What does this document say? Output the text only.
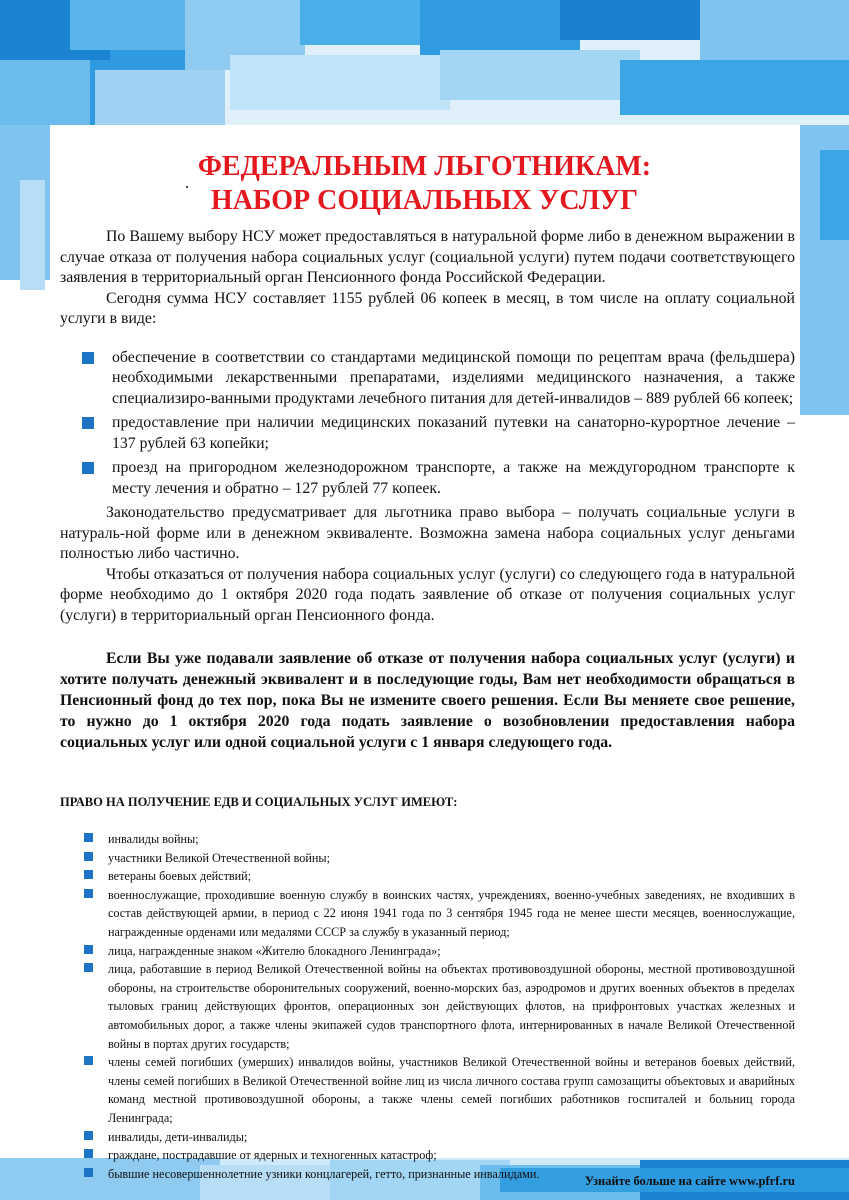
ФЕДЕРАЛЬНЫМ ЛЬГОТНИКАМ:
НАБОР СОЦИАЛЬНЫХ УСЛУГ

По Вашему выбору НСУ может предоставляться в натуральной форме либо в денежном выражении в случае отказа от получения набора социальных услуг (социальной услуги) путем подачи соответствующего заявления в территориальный орган Пенсионного фонда Российской Федерации.

Сегодня сумма НСУ составляет 1155 рублей 06 копеек в месяц, в том числе на оплату социальной услуги в виде:

обеспечение в соответствии со стандартами медицинской помощи по рецептам врача (фельдшера) необходимыми лекарственными препаратами, изделиями медицинского назначения, а также специализиро-ванными продуктами лечебного питания для детей-инвалидов – 889 рублей 66 копеек;
предоставление при наличии медицинских показаний путевки на санаторно-курортное лечение – 137 рублей 63 копейки;
проезд на пригородном железнодорожном транспорте, а также на междугородном транспорте к месту лечения и обратно – 127 рублей 77 копеек.

Законодательство предусматривает для льготника право выбора – получать социальные услуги в натураль-ной форме или в денежном эквиваленте. Возможна замена набора социальных услуг деньгами полностью либо частично.

Чтобы отказаться от получения набора социальных услуг (услуги) со следующего года в натуральной форме необходимо до 1 октября 2020 года подать заявление об отказе от получения социальных услуг (услуги) в территориальный орган Пенсионного фонда.

Если Вы уже подавали заявление об отказе от получения набора социальных услуг (услуги) и хотите получать денежный эквивалент и в последующие годы, Вам нет необходимости обращаться в Пенсионный фонд до тех пор, пока Вы не измените своего решения. Если Вы меняете свое решение, то нужно до 1 октября 2020 года подать заявление о возобновлении предоставления набора социальных услуг или одной социальной услуги с 1 января следующего года.

ПРАВО НА ПОЛУЧЕНИЕ ЕДВ И СОЦИАЛЬНЫХ УСЛУГ ИМЕЮТ:
инвалиды войны;
участники Великой Отечественной войны;
ветераны боевых действий;
военнослужащие, проходившие военную службу в воинских частях, учреждениях, военно-учебных заведениях, не входивших в состав действующей армии, в период с 22 июня 1941 года по 3 сентября 1945 года не менее шести месяцев, военнослужащие, награжденные орденами или медалями СССР за службу в указанный период;
лица, награжденные знаком «Жителю блокадного Ленинграда»;
лица, работавшие в период Великой Отечественной войны на объектах противовоздушной обороны, местной противовоздушной обороны, на строительстве оборонительных сооружений, военно-морских баз, аэродромов и других военных объектов в пределах тыловых границ действующих фронтов, операционных зон действующих флотов, на прифронтовых участках железных и автомобильных дорог, а также члены экипажей судов транспортного флота, интернированных в начале Великой Отечественной войны в портах других государств;
члены семей погибших (умерших) инвалидов войны, участников Великой Отечественной войны и ветеранов боевых действий, члены семей погибших в Великой Отечественной войне лиц из числа личного состава групп самозащиты объектовых и аварийных команд местной противовоздушной обороны, а также члены семей погибших работников госпиталей и больниц города Ленинграда;
инвалиды, дети-инвалиды;
граждане, пострадавшие от ядерных и техногенных катастроф;
бывшие несовершеннолетние узники концлагерей, гетто, признанные инвалидами.
Узнайте больше на сайте www.pfrf.ru
